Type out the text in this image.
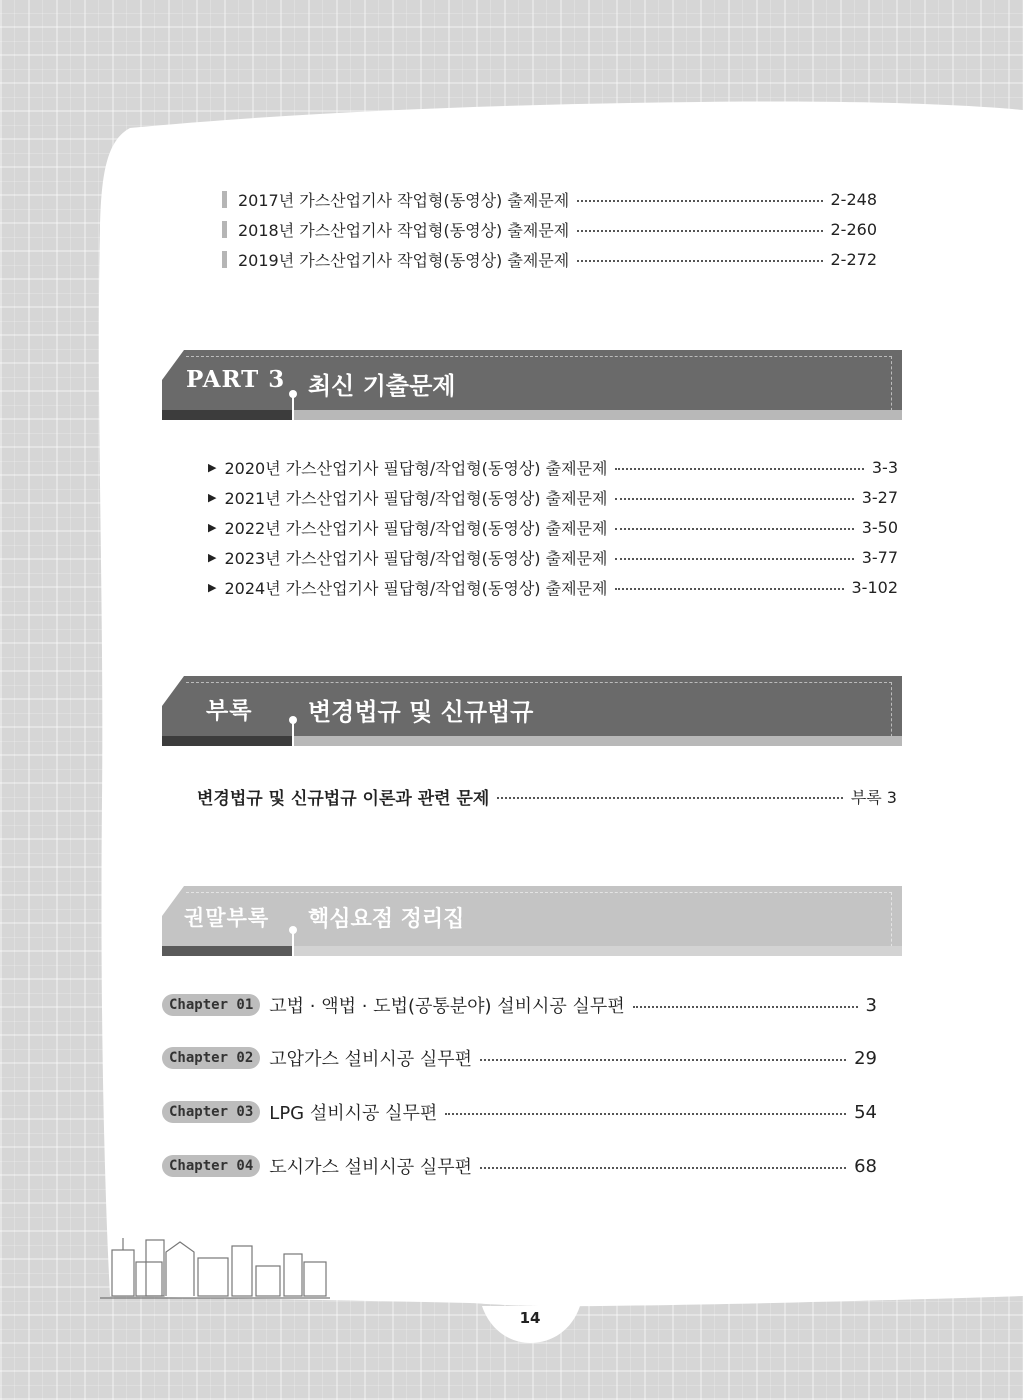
2017년 가스산업기사 작업형(동영상) 출제문제	2-248
2018년 가스산업기사 작업형(동영상) 출제문제	2-260
2019년 가스산업기사 작업형(동영상) 출제문제	2-272
PART 3 최신 기출문제
▶ 2020년 가스산업기사 필답형/작업형(동영상) 출제문제	3-3
▶ 2021년 가스산업기사 필답형/작업형(동영상) 출제문제	3-27
▶ 2022년 가스산업기사 필답형/작업형(동영상) 출제문제	3-50
▶ 2023년 가스산업기사 필답형/작업형(동영상) 출제문제	3-77
▶ 2024년 가스산업기사 필답형/작업형(동영상) 출제문제	3-102
부록 변경법규 및 신규법규
변경법규 및 신규법규 이론과 관련 문제	부록 3
권말부록 핵심요점 정리집
Chapter 01 고법 · 액법 · 도법(공통분야) 설비시공 실무편	3
Chapter 02 고압가스 설비시공 실무편	29
Chapter 03 LPG 설비시공 실무편	54
Chapter 04 도시가스 설비시공 실무편	68
14
